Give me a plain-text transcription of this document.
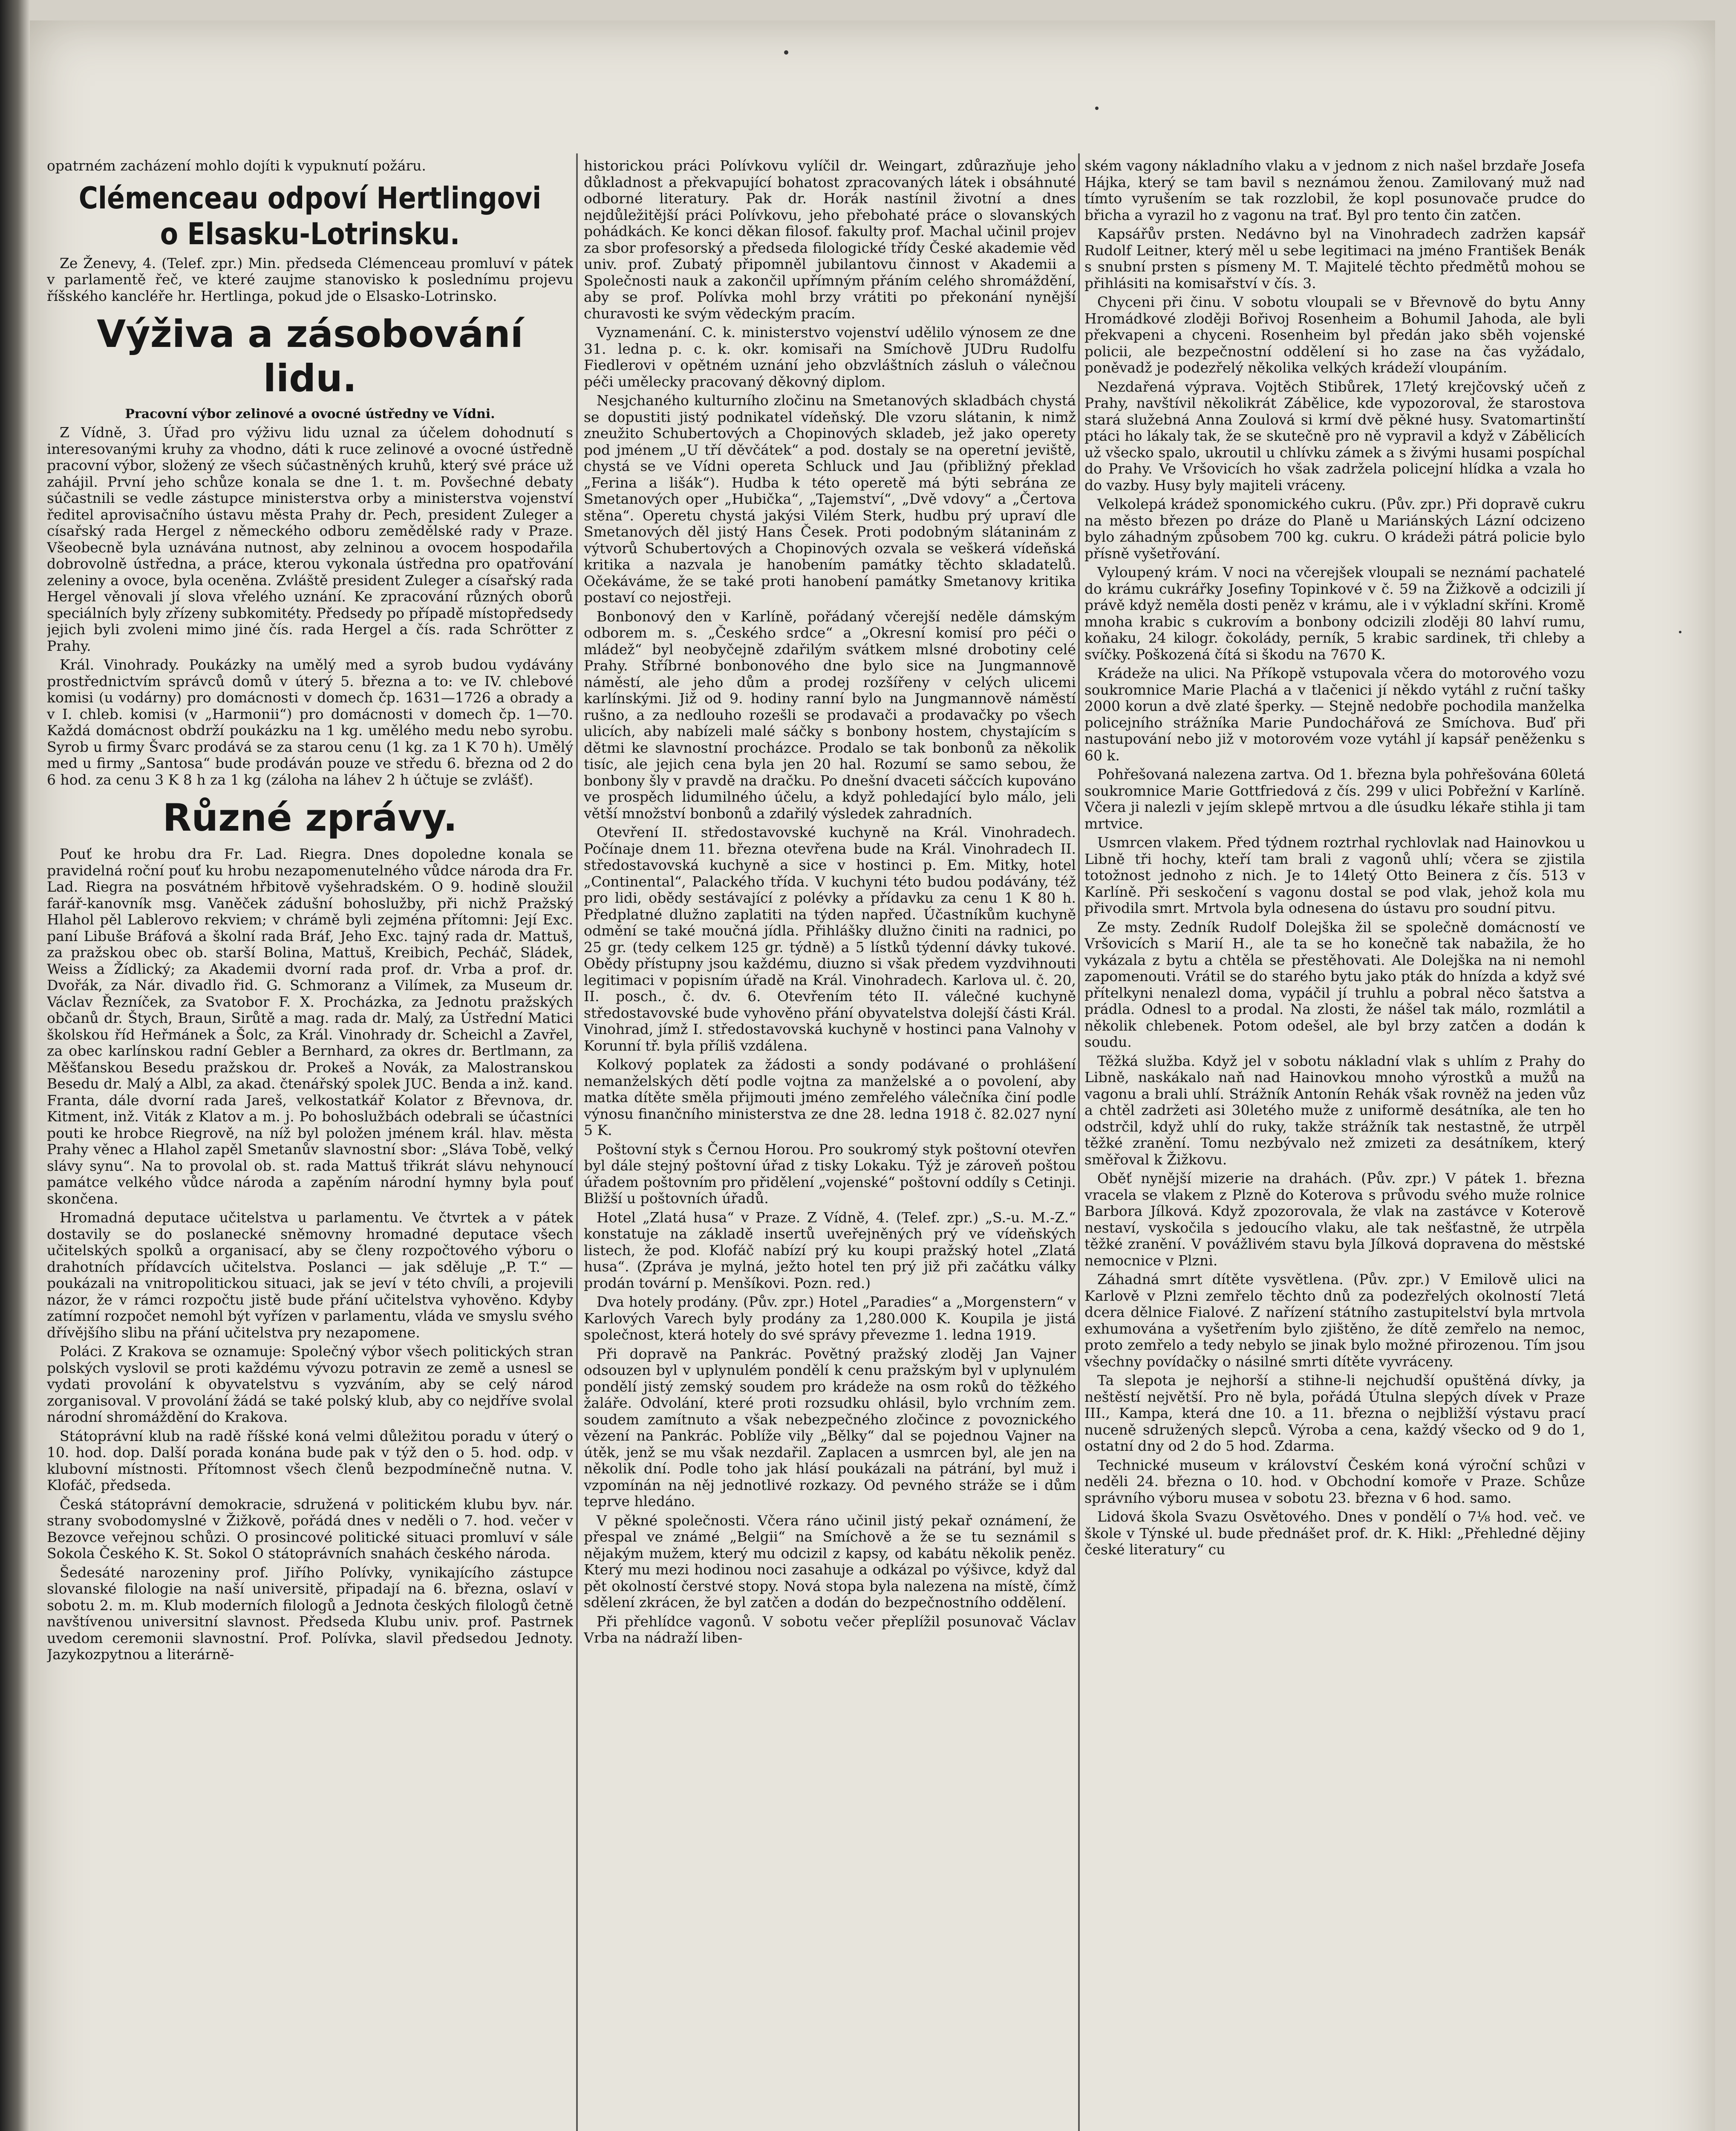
opatrném zacházení mohlo dojíti k vypuknutí požáru.

Clémenceau odpoví Hertlingovi o Elsasku-Lotrinsku.

Ze Ženevy, 4. (Telef. zpr.) Min. předseda Clémenceau promluví v pátek v parlamentě řeč, ve které zaujme stanovisko k poslednímu projevu říšského kancléře hr. Hertlinga, pokud jde o Elsasko-Lotrinsko.

Výživa a zásobování lidu.
Pracovní výbor zelinové a ovocné ústředny ve Vídni.

Z Vídně, 3. Úřad pro výživu lidu uznal za účelem dohodnutí s interesovanými kruhy za vhodno, dáti k ruce zelinové a ovocné ústředně pracovní výbor, složený ze všech súčastněných kruhů, který své práce už zahájil. První jeho schůze konala se dne 1. t. m. Povšechné debaty súčastnili se vedle zástupce ministerstva orby a ministerstva vojenství ředitel aprovisačního ústavu města Prahy dr. Pech, president Zuleger a císařský rada Hergel z německého odboru zemědělské rady v Praze. Všeobecně byla uznávána nutnost, aby zelninou a ovocem hospodařila dobrovolně ústředna, a práce, kterou vykonala ústředna pro opatřování zeleniny a ovoce, byla oceněna. Zvláště president Zuleger a císařský rada Hergel věnovali jí slova vřelého uznání. Ke zpracování různých oborů speciálních byly zřízeny subkomitéty. Předsedy po případě místopředsedy jejich byli zvoleni mimo jiné čís. rada Hergel a čís. rada Schrötter z Prahy.

Král. Vinohrady. Poukázky na umělý med a syrob budou vydávány prostřednictvím správců domů v úterý 5. března a to: ve IV. chlebové komisi (u vodárny) pro domácnosti v domech čp. 1631—1726 a obrady a v I. chleb. komisi (v „Harmonii“) pro domácnosti v domech čp. 1—70. Každá domácnost obdrží poukázku na 1 kg. umělého medu nebo syrobu. Syrob u firmy Švarc prodává se za starou cenu (1 kg. za 1 K 70 h). Umělý med u firmy „Santosa“ bude prodáván pouze ve středu 6. března od 2 do 6 hod. za cenu 3 K 8 h za 1 kg (záloha na láhev 2 h účtuje se zvlášť).

Různé zprávy.

Pouť ke hrobu dra Fr. Lad. Riegra. Dnes dopoledne konala se pravidelná roční pouť ku hrobu nezapomenutelného vůdce národa dra Fr. Lad. Riegra na posvátném hřbitově vyšehradském. O 9. hodině sloužil farář-kanovník msg. Vaněček zádušní bohoslužby, při nichž Pražský Hlahol pěl Lablerovo rekviem; v chrámě byli zejména přítomni: Její Exc. paní Libuše Bráfová a školní rada Bráf, Jeho Exc. tajný rada dr. Mattuš, za pražskou obec ob. starší Bolina, Mattuš, Kreibich, Pecháč, Sládek, Weiss a Žídlický; za Akademii dvorní rada prof. dr. Vrba a prof. dr. Dvořák, za Nár. divadlo řid. G. Schmoranz a Vilímek, za Museum dr. Václav Řezníček, za Svatobor F. X. Procházka, za Jednotu pražských občanů dr. Štych, Braun, Sirůtě a mag. rada dr. Malý, za Ústřední Matici školskou říd Heřmánek a Šolc, za Král. Vinohrady dr. Scheichl a Zavřel, za obec karlínskou radní Gebler a Bernhard, za okres dr. Bertlmann, za Měšťanskou Besedu pražskou dr. Prokeš a Novák, za Malostranskou Besedu dr. Malý a Albl, za akad. čtenářský spolek JUC. Benda a inž. kand. Franta, dále dvorní rada Jareš, velkostatkář Kolator z Břevnova, dr. Kitment, inž. Viták z Klatov a m. j. Po bohoslužbách odebrali se účastníci pouti ke hrobce Riegrově, na níž byl položen jménem král. hlav. města Prahy věnec a Hlahol zapěl Smetanův slavnostní sbor: „Sláva Tobě, velký slávy synu“. Na to provolal ob. st. rada Mattuš třikrát slávu nehynoucí památce velkého vůdce národa a zapěním národní hymny byla pouť skončena.

Hromadná deputace učitelstva u parlamentu. Ve čtvrtek a v pátek dostavily se do poslanecké sněmovny hromadné deputace všech učitelských spolků a organisací, aby se členy rozpočtového výboru o drahotních přídavcích učitelstva. Poslanci — jak sděluje „P. T.“ — poukázali na vnitropolitickou situaci, jak se jeví v této chvíli, a projevili názor, že v rámci rozpočtu jistě bude přání učitelstva vyhověno. Kdyby zatímní rozpočet nemohl být vyřízen v parlamentu, vláda ve smyslu svého dřívějšího slibu na přání učitelstva pry nezapomene.

Poláci. Z Krakova se oznamuje: Společný výbor všech politických stran polských vyslovil se proti každému vývozu potravin ze země a usnesl se vydati provolání k obyvatelstvu s vyzváním, aby se celý národ zorganisoval. V provolání žádá se také polský klub, aby co nejdříve svolal národní shromáždění do Krakova.

Státoprávní klub na radě říšské koná velmi důležitou poradu v úterý o 10. hod. dop. Další porada konána bude pak v týž den o 5. hod. odp. v klubovní místnosti. Přítomnost všech členů bezpodmínečně nutna. V. Klofáč, předseda.

Česká státoprávní demokracie, sdružená v politickém klubu byv. nár. strany svobodomyslné v Žižkově, pořádá dnes v neděli o 7. hod. večer v Bezovce veřejnou schůzi. O prosincové politické situaci promluví v sále Sokola Českého K. St. Sokol O státoprávních snahách českého národa.

Šedesáté narozeniny prof. Jiřího Polívky, vynikajícího zástupce slovanské filologie na naší universitě, připadají na 6. března, oslaví v sobotu 2. m. m. Klub moderních filologů a Jednota českých filologů četně navštívenou universitní slavnost. Předseda Klubu univ. prof. Pastrnek uvedom ceremonii slavnostní. Prof. Polívka, slavil předsedou Jednoty. Jazykozpytnou a literárně-

historickou práci Polívkovu vylíčil dr. Weingart, zdůrazňuje jeho důkladnost a překvapující bohatost zpracovaných látek i obsáhnuté odborné literatury. Pak dr. Horák nastínil životní a dnes nejdůležitější práci Polívkovu, jeho přebohaté práce o slovanských pohádkách. Ke konci děkan filosof. fakulty prof. Machal učinil projev za sbor profesorský a předseda filologické třídy České akademie věd univ. prof. Zubatý připomněl jubilantovu činnost v Akademii a Společnosti nauk a zakončil upřímným přáním celého shromáždění, aby se prof. Polívka mohl brzy vrátiti po překonání nynější churavosti ke svým vědeckým pracím.

Vyznamenání. C. k. ministerstvo vojenství udělilo výnosem ze dne 31. ledna p. c. k. okr. komisaři na Smíchově JUDru Rudolfu Fiedlerovi v opětném uznání jeho obzvláštních zásluh o válečnou péči umělecky pracovaný děkovný diplom.

Nesjchaného kulturního zločinu na Smetanových skladbách chystá se dopustiti jistý podnikatel vídeňský. Dle vzoru slátanin, k nimž zneužito Schubertových a Chopinových skladeb, jež jako operety pod jménem „U tří děvčátek“ a pod. dostaly se na operetní jeviště, chystá se ve Vídni opereta Schluck und Jau (přibližný překlad „Ferina a lišák“). Hudba k této operetě má býti sebrána ze Smetanových oper „Hubička“, „Tajemství“, „Dvě vdovy“ a „Čertova stěna“. Operetu chystá jakýsi Vilém Sterk, hudbu prý upraví dle Smetanových děl jistý Hans Česek. Proti podobným slátaninám z výtvorů Schubertových a Chopinových ozvala se veškerá vídeňská kritika a nazvala je hanobením památky těchto skladatelů. Očekáváme, že se také proti hanobení památky Smetanovy kritika postaví co nejostřeji.

Bonbonový den v Karlíně, pořádaný včerejší neděle dámským odborem m. s. „Českého srdce“ a „Okresní komisí pro péči o mládež“ byl neobyčejně zdařilým svátkem mlsné drobotiny celé Prahy. Stříbrné bonbonového dne bylo sice na Jungmannově náměstí, ale jeho dům a prodej rozšířeny v celých ulicemi karlínskými. Již od 9. hodiny ranní bylo na Jungmannově náměstí rušno, a za nedlouho rozešli se prodavači a prodavačky po všech ulicích, aby nabízeli malé sáčky s bonbony hostem, chystajícím s dětmi ke slavnostní procházce. Prodalo se tak bonbonů za několik tisíc, ale jejich cena byla jen 20 hal. Rozumí se samo sebou, že bonbony šly v pravdě na dračku. Po dnešní dvaceti sáčcích kupováno ve prospěch lidumilného účelu, a když pohledající bylo málo, jeli větší množství bonbonů a zdařilý výsledek zahradních.

Otevření II. středostavovské kuchyně na Král. Vinohradech. Počínaje dnem 11. března otevřena bude na Král. Vinohradech II. středostavovská kuchyně a sice v hostinci p. Em. Mitky, hotel „Continental“, Palackého třída. V kuchyni této budou podávány, též pro lidi, obědy sestávající z polévky a přídavku za cenu 1 K 80 h. Předplatné dlužno zaplatiti na týden napřed. Účastníkům kuchyně odmění se také moučná jídla. Přihlášky dlužno činiti na radnici, po 25 gr. (tedy celkem 125 gr. týdně) a 5 lístků týdenní dávky tukové. Obědy přístupny jsou každému, diuzno si však předem vyzdvihnouti legitimaci v popisním úřadě na Král. Vinohradech. Karlova ul. č. 20, II. posch., č. dv. 6. Otevřením této II. válečné kuchyně středostavovské bude vyhověno přání obyvatelstva dolejší části Král. Vinohrad, jímž I. středostavovská kuchyně v hostinci pana Valnohy v Korunní tř. byla příliš vzdálena.

Kolkový poplatek za žádosti a sondy podávané o prohlášení nemanželských dětí podle vojtna za manželské a o povolení, aby matka dítěte směla přijmouti jméno zemřelého válečníka činí podle výnosu finančního ministerstva ze dne 28. ledna 1918 č. 82.027 nyní 5 K.

Poštovní styk s Černou Horou. Pro soukromý styk poštovní otevřen byl dále stejný poštovní úřad z tisky Lokaku. Týž je zároveň poštou úřadem poštovním pro přidělení „vojenské“ poštovní oddíly s Cetinji. Bližší u poštovních úřadů.

Hotel „Zlatá husa“ v Praze. Z Vídně, 4. (Telef. zpr.) „S.-u. M.-Z.“ konstatuje na základě insertů uveřejněných prý ve vídeňských listech, že pod. Klofáč nabízí prý ku koupi pražský hotel „Zlatá husa“. (Zpráva je mylná, ježto hotel ten prý již při začátku války prodán tovární p. Menšíkovi. Pozn. red.)

Dva hotely prodány. (Pův. zpr.) Hotel „Paradies“ a „Morgenstern“ v Karlových Varech byly prodány za 1,280.000 K. Koupila je jistá společnost, která hotely do své správy převezme 1. ledna 1919.

Při dopravě na Pankrác. Povětný pražský zloděj Jan Vajner odsouzen byl v uplynulém pondělí k cenu pražským byl v uplynulém pondělí jistý zemský soudem pro krádeže na osm roků do těžkého žaláře. Odvolání, které proti rozsudku ohlásil, bylo vrchním zem. soudem zamítnuto a však nebezpečného zločince z povoznického vězení na Pankrác. Poblíže vily „Bělky“ dal se pojednou Vajner na útěk, jenž se mu však nezdařil. Zaplacen a usmrcen byl, ale jen na několik dní. Podle toho jak hlásí poukázali na pátrání, byl muž i vzpomínán na něj jednotlivé rozkazy. Od pevného stráže se i dům teprve hledáno.

V pěkné společnosti. Včera ráno učinil jistý pekař oznámení, že přespal ve známé „Belgii“ na Smíchově a že se tu seznámil s nějakým mužem, který mu odcizil z kapsy, od kabátu několik peněz. Který mu mezi hodinou noci zasahuje a odkázal po výšivce, když dal pět okolností čerstvé stopy. Nová stopa byla nalezena na místě, čímž sdělení zkrácen, že byl zatčen a dodán do bezpečnostního oddělení.

Při přehlídce vagonů. V sobotu večer přeplížil posunovač Václav Vrba na nádraží liben-

ském vagony nákladního vlaku a v jednom z nich našel brzdaře Josefa Hájka, který se tam bavil s neznámou ženou. Zamilovaný muž nad tímto vyrušením se tak rozzlobil, že kopl posunovače prudce do břicha a vyrazil ho z vagonu na trať. Byl pro tento čin zatčen.

Kapsářův prsten. Nedávno byl na Vinohradech zadržen kapsář Rudolf Leitner, který měl u sebe legitimaci na jméno František Benák s snubní prsten s písmeny M. T. Majitelé těchto předmětů mohou se přihlásiti na komisařství v čís. 3.

Chyceni při činu. V sobotu vloupali se v Břevnově do bytu Anny Hromádkové zloději Bořivoj Rosenheim a Bohumil Jahoda, ale byli překvapeni a chyceni. Rosenheim byl předán jako sběh vojenské policii, ale bezpečnostní oddělení si ho zase na čas vyžádalo, poněvadž je podezřelý několika velkých krádeží vloupáním.

Nezdařená výprava. Vojtěch Stibůrek, 17letý krejčovský učeň z Prahy, navštívil několikrát Zábělice, kde vypozoroval, že starostova stará služebná Anna Zoulová si krmí dvě pěkné husy. Svatomartinští ptáci ho lákaly tak, že se skutečně pro ně vypravil a když v Zábělicích už všecko spalo, ukroutil u chlívku zámek a s živými husami pospíchal do Prahy. Ve Vršovicích ho však zadržela policejní hlídka a vzala ho do vazby. Husy byly majiteli vráceny.

Velkolepá krádež sponomického cukru. (Pův. zpr.) Při dopravě cukru na město březen po dráze do Planě u Mariánských Lázní odcizeno bylo záhadným způsobem 700 kg. cukru. O krádeži pátrá policie bylo přísně vyšetřování.

Vyloupený krám. V noci na včerejšek vloupali se neznámí pachatelé do krámu cukrářky Josefiny Topinkové v č. 59 na Žižkově a odcizili jí právě když neměla dosti peněz v krámu, ale i v výkladní skříni. Kromě mnoha krabic s cukrovím a bonbony odcizili zloději 80 lahví rumu, koňaku, 24 kilogr. čokolády, perník, 5 krabic sardinek, tři chleby a svíčky. Poškozená čítá si škodu na 7670 K.

Krádeže na ulici. Na Příkopě vstupovala včera do motorového vozu soukromnice Marie Plachá a v tlačenici jí někdo vytáhl z ruční tašky 2000 korun a dvě zlaté šperky. — Stejně nedobře pochodila manželka policejního strážníka Marie Pundochářová ze Smíchova. Buď při nastupování nebo již v motorovém voze vytáhl jí kapsář peněženku s 60 k.

Pohřešovaná nalezena zartva. Od 1. března byla pohřešována 60letá soukromnice Marie Gottfriedová z čís. 299 v ulici Pobřežní v Karlíně. Včera ji nalezli v jejím sklepě mrtvou a dle úsudku lékaře stihla ji tam mrtvice.

Usmrcen vlakem. Před týdnem roztrhal rychlovlak nad Hainovkou u Libně tři hochy, kteří tam brali z vagonů uhlí; včera se zjistila totožnost jednoho z nich. Je to 14letý Otto Beinera z čís. 513 v Karlíně. Při seskočení s vagonu dostal se pod vlak, jehož kola mu přivodila smrt. Mrtvola byla odnesena do ústavu pro soudní pitvu.

Ze msty. Zedník Rudolf Dolejška žil se společně domácností ve Vršovicích s Marií H., ale ta se ho konečně tak nabažila, že ho vykázala z bytu a chtěla se přestěhovati. Ale Dolejška na ni nemohl zapomenouti. Vrátil se do starého bytu jako pták do hnízda a když své přítelkyni nenalezl doma, vypáčil jí truhlu a pobral něco šatstva a prádla. Odnesl to a prodal. Na zlosti, že nášel tak málo, rozmlátil a několik chlebenek. Potom odešel, ale byl brzy zatčen a dodán k soudu.

Těžká služba. Když jel v sobotu nákladní vlak s uhlím z Prahy do Libně, naskákalo naň nad Hainovkou mnoho výrostků a mužů na vagonu a brali uhlí. Strážník Antonín Rehák však rovněž na jeden vůz a chtěl zadržeti asi 30letého muže z uniformě desátníka, ale ten ho odstrčil, když uhlí do ruky, takže strážník tak nestastně, že utrpěl těžké zranění. Tomu nezbývalo než zmizeti za desátníkem, který směřoval k Žižkovu.

Oběť nynější mizerie na drahách. (Pův. zpr.) V pátek 1. března vracela se vlakem z Plzně do Koterova s průvodu svého muže rolnice Barbora Jílková. Když zpozorovala, že vlak na zastávce v Koterově nestaví, vyskočila s jedoucího vlaku, ale tak nešťastně, že utrpěla těžké zranění. V povážlivém stavu byla Jílková dopravena do městské nemocnice v Plzni.

Záhadná smrt dítěte vysvětlena. (Pův. zpr.) V Emilově ulici na Karlově v Plzni zemřelo těchto dnů za podezřelých okolností 7letá dcera dělnice Fialové. Z nařízení státního zastupitelství byla mrtvola exhumována a vyšetřením bylo zjištěno, že dítě zemřelo na nemoc, proto zemřelo a tedy nebylo se jinak bylo možné přirozenou. Tím jsou všechny povídačky o násilné smrti dítěte vyvráceny.

Ta slepota je nejhorší a stihne-li nejchudší opuštěná dívky, ja neštěstí největší. Pro ně byla, pořádá Útulna slepých dívek v Praze III., Kampa, která dne 10. a 11. března o nejbližší výstavu prací nuceně sdružených slepců. Výroba a cena, každý všecko od 9 do 1, ostatní dny od 2 do 5 hod. Zdarma.

Technické museum v království Českém koná výroční schůzi v neděli 24. března o 10. hod. v Obchodní komoře v Praze. Schůze správního výboru musea v sobotu 23. března v 6 hod. samo.

Lidová škola Svazu Osvětového. Dnes v pondělí o 7⅛ hod. več. ve škole v Týnské ul. bude přednášet prof. dr. K. Hikl: „Přehledné dějiny české literatury“ cu
